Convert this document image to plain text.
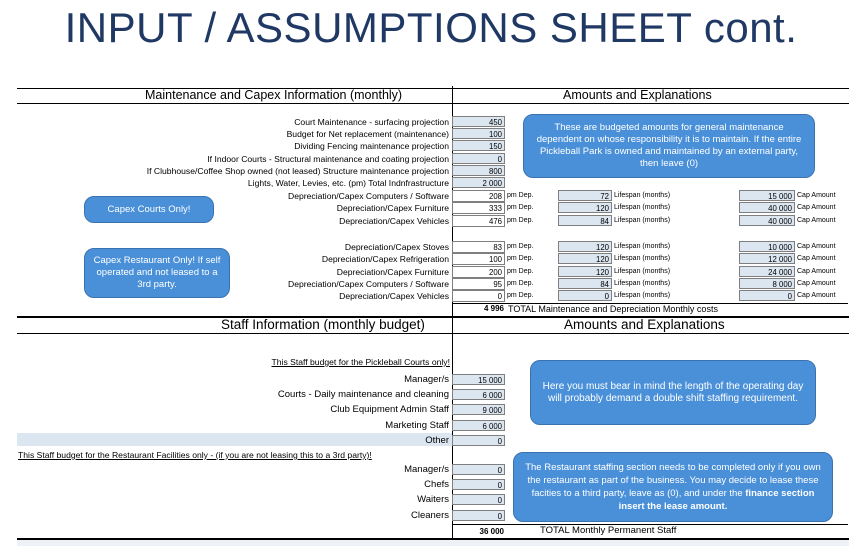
INPUT / ASSUMPTIONS SHEET cont.
Maintenance and Capex Information (monthly)	Amounts and Explanations
Court Maintenance - surfacing projection	450
Budget for Net replacement (maintenance)	100
Dividing Fencing maintenance projection	150
If Indoor Courts - Structural maintenance and coating projection	0
If Clubhouse/Coffee Shop owned (not leased) Structure maintenance projection	800
Lights, Water, Levies, etc. (pm) Total Indnfrastructure	2 000
These are budgeted amounts for general maintenance dependent on whose responsibility it is to maintain. If the entire Pickleball Park is owned and maintained by an external party, then leave (0)
Capex Courts Only!
Capex Restaurant Only! If self operated and not leased to a 3rd party.
Depreciation/Capex Computers / Software	208 pm Dep.	72 Lifespan (months)	15 000 Cap Amount
Depreciation/Capex Furniture	333 pm Dep.	120 Lifespan (months)	40 000 Cap Amount
Depreciation/Capex Vehicles	476 pm Dep.	84 Lifespan (months)	40 000 Cap Amount
Depreciation/Capex Stoves	83 pm Dep.	120 Lifespan (months)	10 000 Cap Amount
Depreciation/Capex Refrigeration	100 pm Dep.	120 Lifespan (months)	12 000 Cap Amount
Depreciation/Capex Furniture	200 pm Dep.	120 Lifespan (months)	24 000 Cap Amount
Depreciation/Capex Computers / Software	95 pm Dep.	84 Lifespan (months)	8 000 Cap Amount
Depreciation/Capex Vehicles	0 pm Dep.	0 Lifespan (months)	0 Cap Amount
4 996 TOTAL Maintenance and Depreciation Monthly costs
Staff Information (monthly budget)	Amounts and Explanations
This Staff budget for the Pickleball Courts only!
Manager/s	15 000
Courts - Daily maintenance and cleaning	6 000
Club Equipment Admin Staff	9 000
Marketing Staff	6 000
Other	0
Here you must bear in mind the length of the operating day will probably demand a double shift staffing requirement.
This Staff budget for the Restaurant Facilities only - (if you are not leasing this to a 3rd party)!
Manager/s	0
Chefs	0
Waiters	0
Cleaners	0
The Restaurant staffing section needs to be completed only if you own the restaurant as part of the business. You may decide to lease these facities to a third party, leave as (0), and under the finance section insert the lease amount.
36 000	TOTAL Monthly Permanent Staff
